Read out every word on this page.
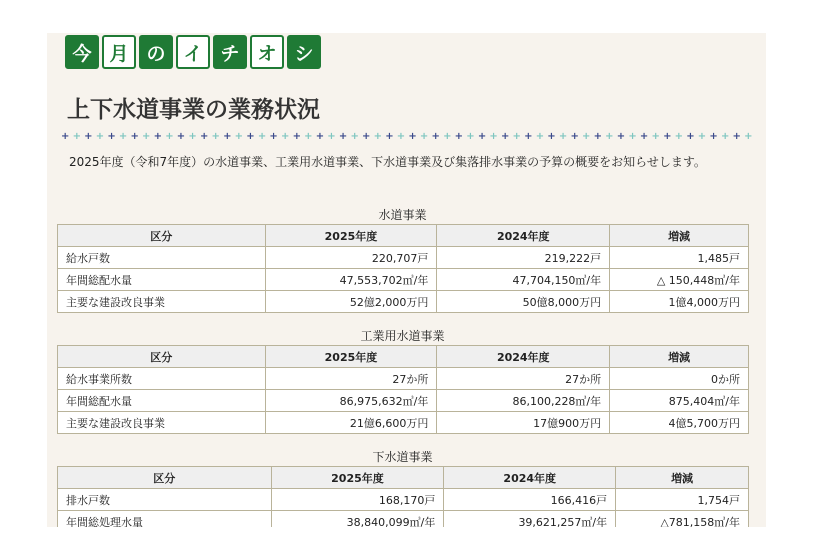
今 月 の イ チ オ シ
上下水道事業の業務状況
+ + + + + + + + + + + + + + + + + + + + + + + + + + + + + + + + + + + + + + + + + + + + + + + + + + + + + + + + + + + +

2025年度（令和7年度）の水道事業、工業用水道事業、下水道事業及び集落排水事業の予算の概要をお知らせします。

水道事業
区分	2025年度	2024年度	増減
給水戸数	220,707戸	219,222戸	1,485戸
年間総配水量	47,553,702㎥/年	47,704,150㎥/年	△ 150,448㎥/年
主要な建設改良事業	52億2,000万円	50億8,000万円	1億4,000万円
工業用水道事業
区分	2025年度	2024年度	増減
給水事業所数	27か所	27か所	0か所
年間総配水量	86,975,632㎥/年	86,100,228㎥/年	875,404㎥/年
主要な建設改良事業	21億6,600万円	17億900万円	4億5,700万円
下水道事業
区分	2025年度	2024年度	増減
排水戸数	168,170戸	166,416戸	1,754戸
年間総処理水量	38,840,099㎥/年	39,621,257㎥/年	△781,158㎥/年
